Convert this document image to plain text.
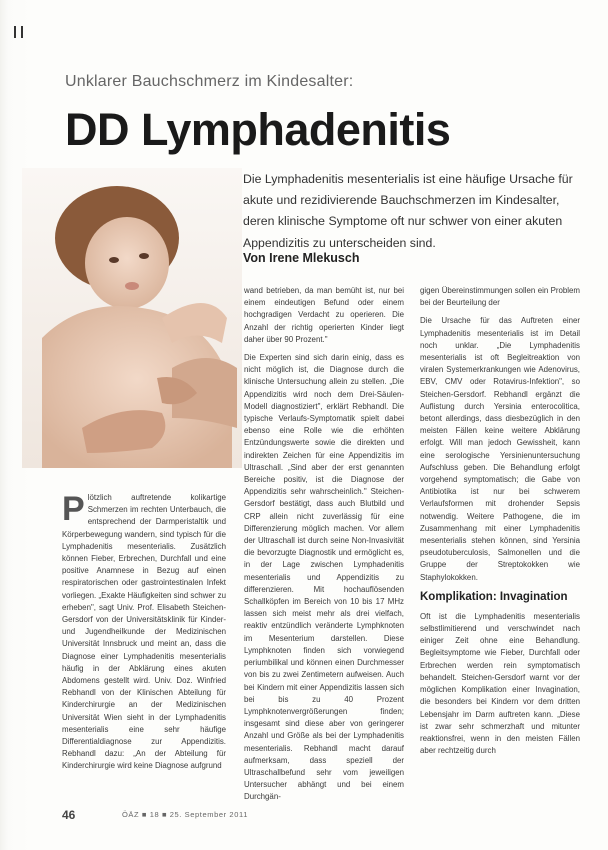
Unklarer Bauchschmerz im Kindesalter:
DD Lymphadenitis

Die Lymphadenitis mesenterialis ist eine häufige Ursache für akute und rezidivierende Bauchschmerzen im Kindesalter, deren klinische Symptome oft nur schwer von einer akuten Appendizitis zu unterscheiden sind.

Von Irene Mlekusch

Plötzlich auftretende kolikartige Schmerzen im rechten Unterbauch, die entsprechend der Darmperistaltik und Körperbewegung wandern, sind typisch für die Lymphadenitis mesenterialis. Zusätzlich können Fieber, Erbrechen, Durchfall und eine positive Anamnese in Bezug auf einen respiratorischen oder gastrointestinalen Infekt vorliegen. „Exakte Häufigkeiten sind schwer zu erheben", sagt Univ. Prof. Elisabeth Steichen-Gersdorf von der Universitätsklinik für Kinder- und Jugendheilkunde der Medizinischen Universität Innsbruck und meint an, dass die Diagnose einer Lymphadenitis mesenterialis häufig in der Abklärung eines akuten Abdomens gestellt wird. Univ. Doz. Winfried Rebhandl von der Klinischen Abteilung für Kinderchirurgie an der Medizinischen Universität Wien sieht in der Lymphadenitis mesenterialis eine sehr häufige Differentialdiagnose zur Appendizitis. Rebhandl dazu: „An der Abteilung für Kinderchirurgie wird keine Diagnose aufgrund

wand betrieben, da man bemüht ist, nur bei einem eindeutigen Befund oder einem hochgradigen Verdacht zu operieren. Die Anzahl der richtig operierten Kinder liegt daher über 90 Prozent."

Die Experten sind sich darin einig, dass es nicht möglich ist, die Diagnose durch die klinische Untersuchung allein zu stellen. „Die Appendizitis wird noch dem Drei-Säulen-Modell diagnostiziert", erklärt Rebhandl. Die typische Verlaufs-Symptomatik spielt dabei ebenso eine Rolle wie die erhöhten Entzündungswerte sowie die direkten und indirekten Zeichen für eine Appendizitis im Ultraschall. „Sind aber der erst genannten Bereiche positiv, ist die Diagnose der Appendizitis sehr wahrscheinlich." Steichen-Gersdorf bestätigt, dass auch Blutbild und CRP allein nicht zuverlässig für eine Differenzierung möglich machen. Vor allem der Ultraschall ist durch seine Non-Invasivität die bevorzugte Diagnostik und ermöglicht es, in der Lage zwischen Lymphadenitis mesenterialis und Appendizitis zu differenzieren. Mit hochauflösenden Schallköpfen im Bereich von 10 bis 17 MHz lassen sich meist mehr als drei vielfach, reaktiv entzündlich veränderte Lymphknoten im Mesenterium darstellen. Diese Lymphknoten finden sich vorwiegend periumbilikal und können einen Durchmesser von bis zu zwei Zentimetern aufweisen. Auch bei Kindern mit einer Appendizitis lassen sich bei bis zu 40 Prozent Lymphknotenvergrößerungen finden; insgesamt sind diese aber von geringerer Anzahl und Größe als bei der Lymphadenitis mesenterialis. Rebhandl macht darauf aufmerksam, dass speziell der Ultraschallbefund sehr vom jeweiligen Untersucher abhängt und bei einem Durchgän-

gigen Übereinstimmungen sollen ein Problem bei der Beurteilung der

Die Ursache für das Auftreten einer Lymphadenitis mesenterialis ist im Detail noch unklar. „Die Lymphadenitis mesenterialis ist oft Begleitreaktion von viralen Systemerkrankungen wie Adenovirus, EBV, CMV oder Rotavirus-Infektion", so Steichen-Gersdorf. Rebhandl ergänzt die Auflistung durch Yersinia enterocolitica, betont allerdings, dass diesbezüglich in den meisten Fällen keine weitere Abklärung erfolgt. Will man jedoch Gewissheit, kann eine serologische Yersinienuntersuchung Aufschluss geben. Die Behandlung erfolgt vorgehend symptomatisch; die Gabe von Antibiotika ist nur bei schwerem Verlaufsformen mit drohender Sepsis notwendig. Weitere Pathogene, die im Zusammenhang mit einer Lymphadenitis mesenterialis stehen können, sind Yersinia pseudotuberculosis, Salmonellen und die Gruppe der Streptokokken wie Staphylokokken.

Komplikation: Invagination

Oft ist die Lymphadenitis mesenterialis selbstlimitierend und verschwindet nach einiger Zeit ohne eine Behandlung. Begleitsymptome wie Fieber, Durchfall oder Erbrechen werden rein symptomatisch behandelt. Steichen-Gersdorf warnt vor der möglichen Komplikation einer Invagination, die besonders bei Kindern vor dem dritten Lebensjahr im Darm auftreten kann. „Diese ist zwar sehr schmerzhaft und mitunter reaktionsfrei, wenn in den meisten Fällen aber rechtzeitig durch

46	ÖÄZ ■ 18 ■ 25. September 2011
